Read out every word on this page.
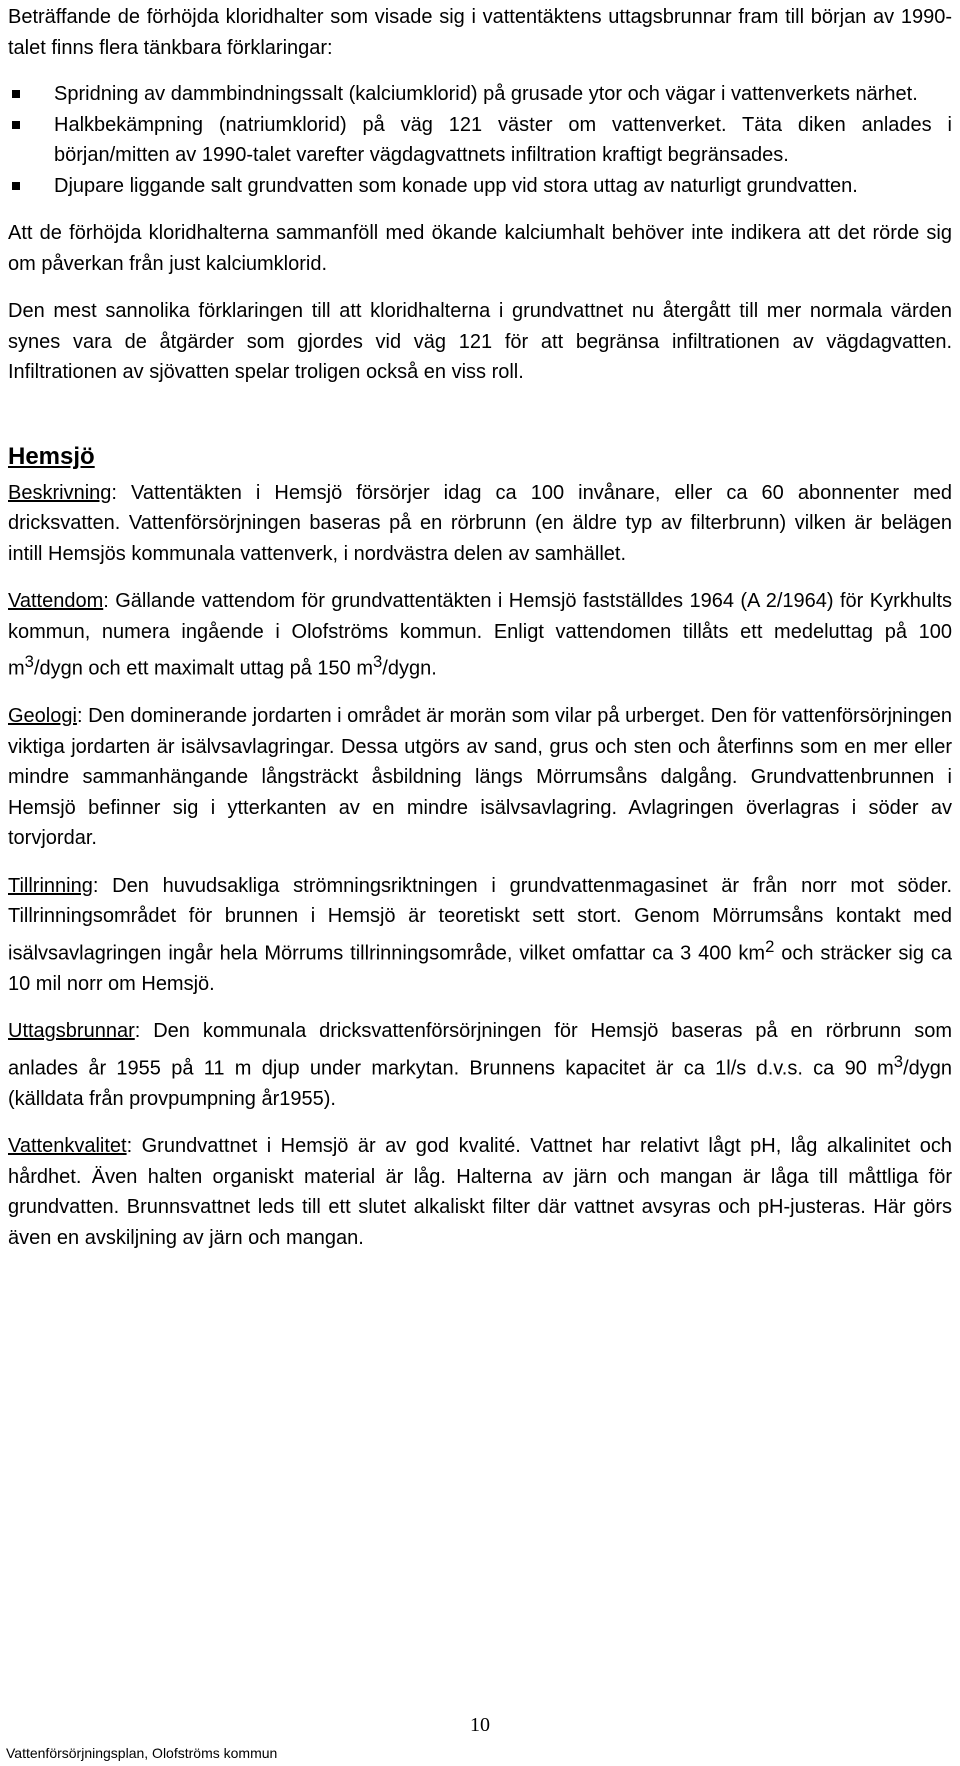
Beträffande de förhöjda kloridhalter som visade sig i vattentäktens uttagsbrunnar fram till början av 1990-talet finns flera tänkbara förklaringar:

Spridning av dammbindningssalt (kalciumklorid) på grusade ytor och vägar i vattenverkets närhet.
Halkbekämpning (natriumklorid) på väg 121 väster om vattenverket. Täta diken anlades i början/mitten av 1990-talet varefter vägdagvattnets infiltration kraftigt begränsades.
Djupare liggande salt grundvatten som konade upp vid stora uttag av naturligt grundvatten.

Att de förhöjda kloridhalterna sammanföll med ökande kalciumhalt behöver inte indikera att det rörde sig om påverkan från just kalciumklorid.

Den mest sannolika förklaringen till att kloridhalterna i grundvattnet nu återgått till mer normala värden synes vara de åtgärder som gjordes vid väg 121 för att begränsa infiltrationen av vägdagvatten. Infiltrationen av sjövatten spelar troligen också en viss roll.

Hemsjö

Beskrivning: Vattentäkten i Hemsjö försörjer idag ca 100 invånare, eller ca 60 abonnenter med dricksvatten. Vattenförsörjningen baseras på en rörbrunn (en äldre typ av filterbrunn) vilken är belägen intill Hemsjös kommunala vattenverk, i nordvästra delen av samhället.

Vattendom: Gällande vattendom för grundvattentäkten i Hemsjö fastställdes 1964 (A 2/1964) för Kyrkhults kommun, numera ingående i Olofströms kommun. Enligt vattendomen tillåts ett medeluttag på 100 $m^3$/dygn och ett maximalt uttag på 150 $m^3$/dygn.

Geologi: Den dominerande jordarten i området är morän som vilar på urberget. Den för vattenförsörjningen viktiga jordarten är isälvsavlagringar. Dessa utgörs av sand, grus och sten och återfinns som en mer eller mindre sammanhängande långsträckt åsbildning längs Mörrumsåns dalgång. Grundvattenbrunnen i Hemsjö befinner sig i ytterkanten av en mindre isälvsavlagring. Avlagringen överlagras i söder av torvjordar.

Tillrinning: Den huvudsakliga strömningsriktningen i grundvattenmagasinet är från norr mot söder. Tillrinningsområdet för brunnen i Hemsjö är teoretiskt sett stort. Genom Mörrumsåns kontakt med isälvsavlagringen ingår hela Mörrums tillrinningsområde, vilket omfattar ca 3 400 $km^2$ och sträcker sig ca 10 mil norr om Hemsjö.

Uttagsbrunnar: Den kommunala dricksvattenförsörjningen för Hemsjö baseras på en rörbrunn som anlades år 1955 på 11 m djup under markytan. Brunnens kapacitet är ca 1l/s d.v.s. ca 90 $m^3$/dygn (källdata från provpumpning år1955).

Vattenkvalitet: Grundvattnet i Hemsjö är av god kvalité. Vattnet har relativt lågt pH, låg alkalinitet och hårdhet. Även halten organiskt material är låg. Halterna av järn och mangan är låga till måttliga för grundvatten. Brunnsvattnet leds till ett slutet alkaliskt filter där vattnet avsyras och pH-justeras. Här görs även en avskiljning av järn och mangan.

10
Vattenförsörjningsplan, Olofströms kommun
